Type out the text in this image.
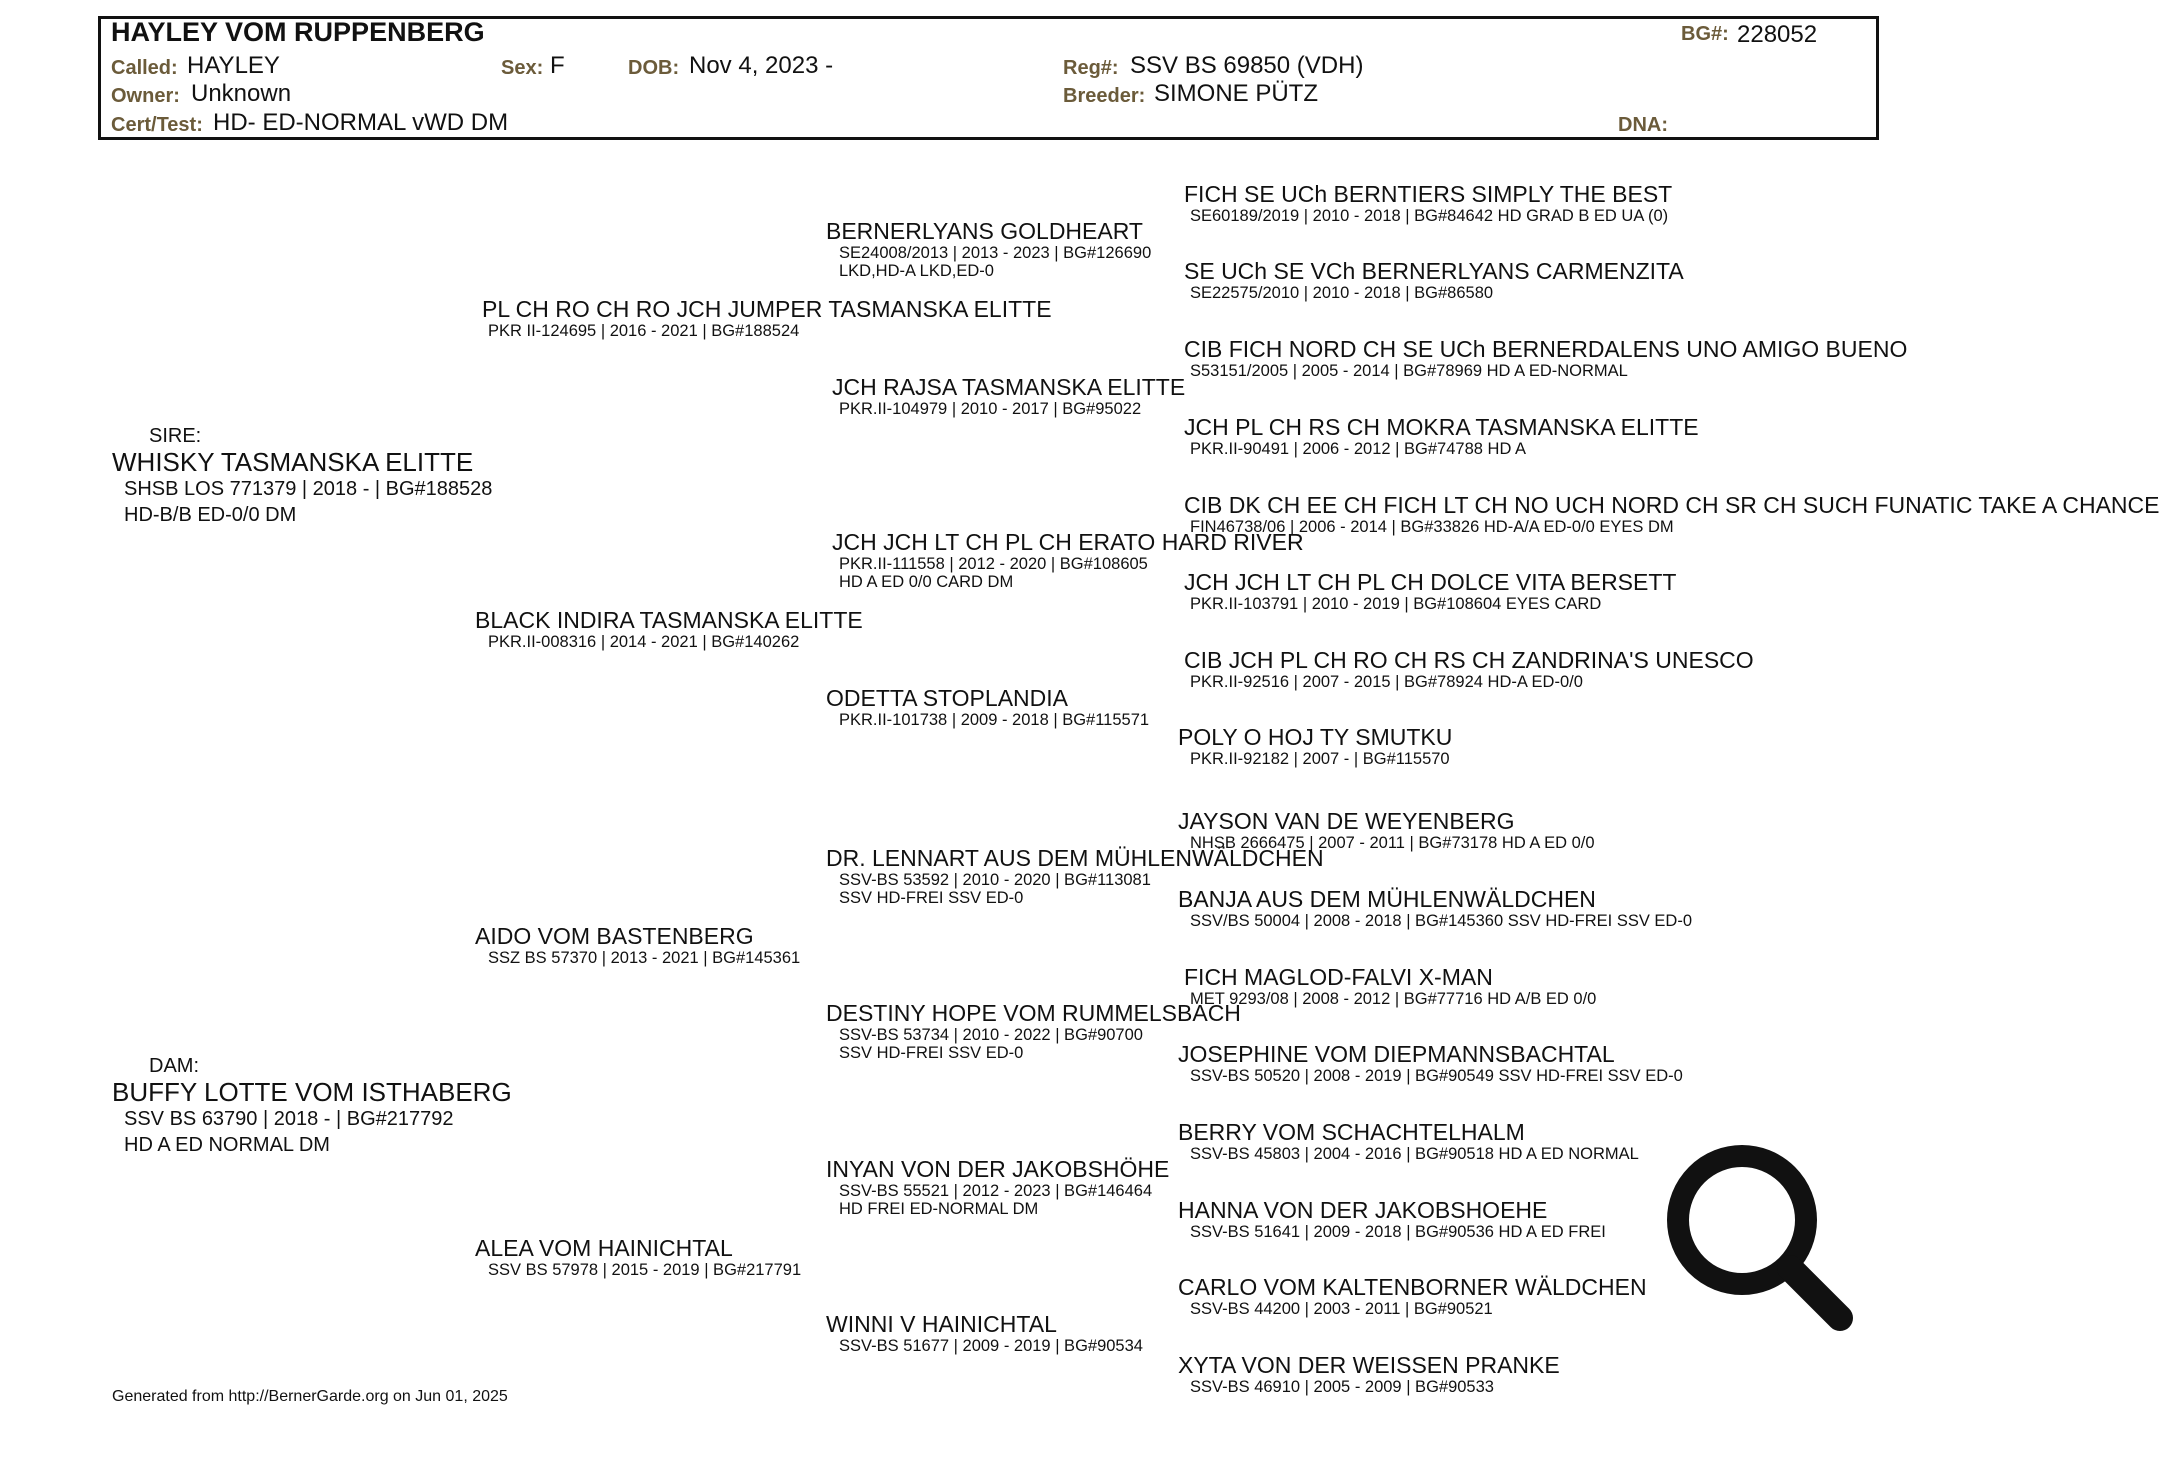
HAYLEY VOM RUPPENBERG	BG#: 228052
Called: HAYLEY	Sex: F	DOB: Nov 4, 2023 -	Reg#: SSV BS 69850 (VDH)
Owner: Unknown	Breeder: SIMONE PÜTZ
Cert/Test: HD- ED-NORMAL vWD DM	DNA:
SIRE:
WHISKY TASMANSKA ELITTE
SHSB LOS 771379 | 2018 - | BG#188528
HD-B/B ED-0/0 DM
DAM:
BUFFY LOTTE VOM ISTHABERG
SSV BS 63790 | 2018 - | BG#217792
HD A ED NORMAL DM
PL CH RO CH RO JCH JUMPER TASMANSKA ELITTE
PKR II-124695 | 2016 - 2021 | BG#188524
BLACK INDIRA TASMANSKA ELITTE
PKR.II-008316 | 2014 - 2021 | BG#140262
AIDO VOM BASTENBERG
SSZ BS 57370 | 2013 - 2021 | BG#145361
ALEA VOM HAINICHTAL
SSV BS 57978 | 2015 - 2019 | BG#217791
BERNERLYANS GOLDHEART
SE24008/2013 | 2013 - 2023 | BG#126690
LKD,HD-A LKD,ED-0
JCH RAJSA TASMANSKA ELITTE
PKR.II-104979 | 2010 - 2017 | BG#95022
JCH JCH LT CH PL CH ERATO HARD RIVER
PKR.II-111558 | 2012 - 2020 | BG#108605
HD A ED 0/0 CARD DM
ODETTA STOPLANDIA
PKR.II-101738 | 2009 - 2018 | BG#115571
DR. LENNART AUS DEM MÜHLENWÄLDCHEN
SSV-BS 53592 | 2010 - 2020 | BG#113081
SSV HD-FREI SSV ED-0
DESTINY HOPE VOM RUMMELSBACH
SSV-BS 53734 | 2010 - 2022 | BG#90700
SSV HD-FREI SSV ED-0
INYAN VON DER JAKOBSHÖHE
SSV-BS 55521 | 2012 - 2023 | BG#146464
HD FREI ED-NORMAL DM
WINNI V HAINICHTAL
SSV-BS 51677 | 2009 - 2019 | BG#90534
FICH SE UCh BERNTIERS SIMPLY THE BEST
SE60189/2019 | 2010 - 2018 | BG#84642 HD GRAD B ED UA (0)
SE UCh SE VCh BERNERLYANS CARMENZITA
SE22575/2010 | 2010 - 2018 | BG#86580
CIB FICH NORD CH SE UCh BERNERDALENS UNO AMIGO BUENO
S53151/2005 | 2005 - 2014 | BG#78969 HD A ED-NORMAL
JCH PL CH RS CH MOKRA TASMANSKA ELITTE
PKR.II-90491 | 2006 - 2012 | BG#74788 HD A
CIB DK CH EE CH FICH LT CH NO UCH NORD CH SR CH SUCH FUNATIC TAKE A CHANCE
FIN46738/06 | 2006 - 2014 | BG#33826 HD-A/A ED-0/0 EYES DM
JCH JCH LT CH PL CH DOLCE VITA BERSETT
PKR.II-103791 | 2010 - 2019 | BG#108604 EYES CARD
CIB JCH PL CH RO CH RS CH ZANDRINA'S UNESCO
PKR.II-92516 | 2007 - 2015 | BG#78924 HD-A ED-0/0
POLY O HOJ TY SMUTKU
PKR.II-92182 | 2007 - | BG#115570
JAYSON VAN DE WEYENBERG
NHSB 2666475 | 2007 - 2011 | BG#73178 HD A ED 0/0
BANJA AUS DEM MÜHLENWÄLDCHEN
SSV/BS 50004 | 2008 - 2018 | BG#145360 SSV HD-FREI SSV ED-0
FICH MAGLOD-FALVI X-MAN
MET 9293/08 | 2008 - 2012 | BG#77716 HD A/B ED 0/0
JOSEPHINE VOM DIEPMANNSBACHTAL
SSV-BS 50520 | 2008 - 2019 | BG#90549 SSV HD-FREI SSV ED-0
BERRY VOM SCHACHTELHALM
SSV-BS 45803 | 2004 - 2016 | BG#90518 HD A ED NORMAL
HANNA VON DER JAKOBSHOEHE
SSV-BS 51641 | 2009 - 2018 | BG#90536 HD A ED FREI
CARLO VOM KALTENBORNER WÄLDCHEN
SSV-BS 44200 | 2003 - 2011 | BG#90521
XYTA VON DER WEISSEN PRANKE
SSV-BS 46910 | 2005 - 2009 | BG#90533
Generated from http://BernerGarde.org on Jun 01, 2025
